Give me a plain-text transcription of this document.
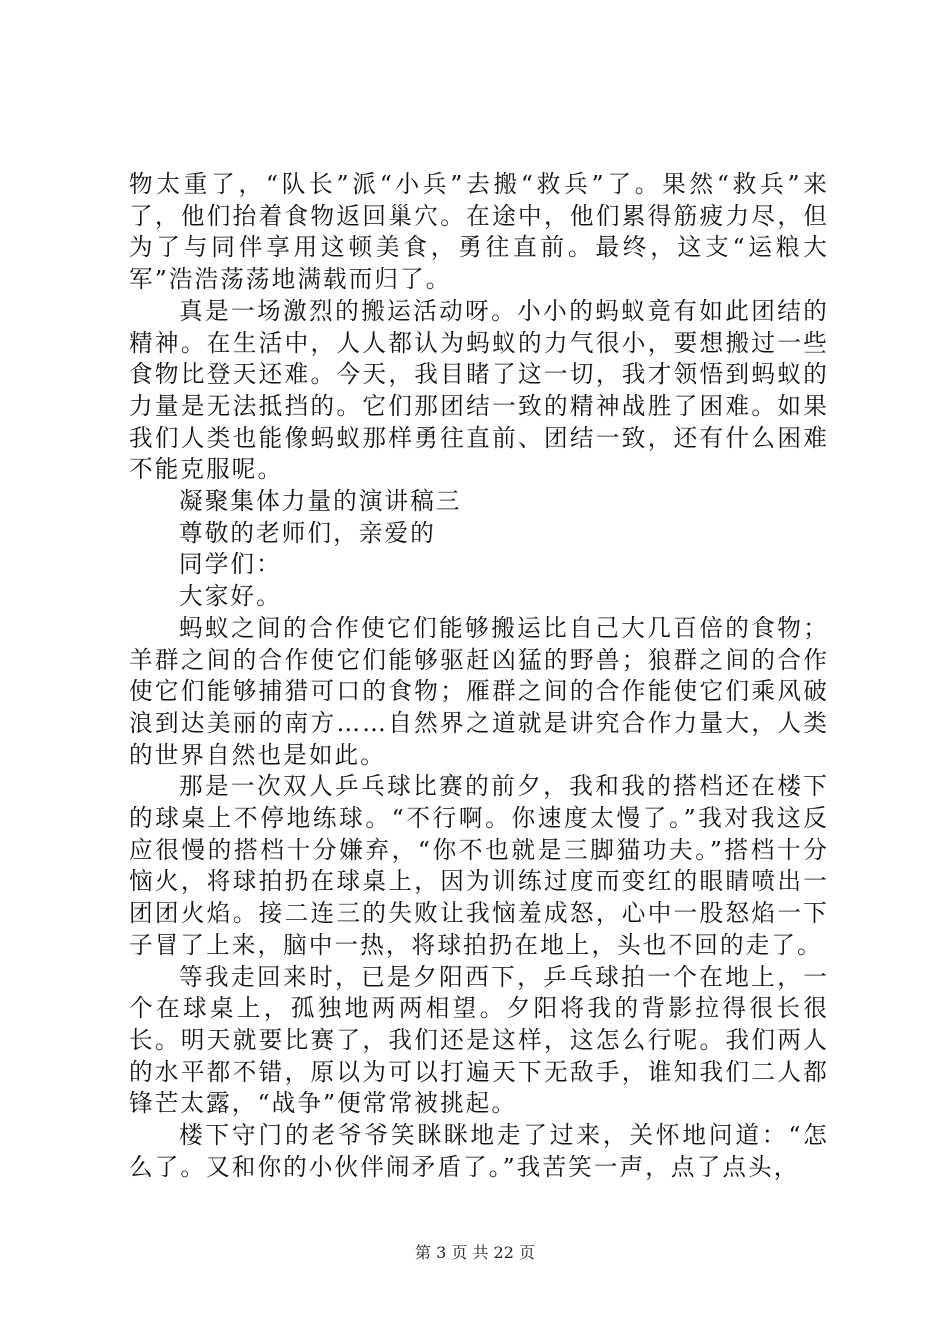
物太重了，“队长”派“小兵”去搬“救兵”了。果然“救兵”来了，他们抬着食物返回巢穴。在途中，他们累得筋疲力尽，但为了与同伴享用这顿美食，勇往直前。最终，这支“运粮大军”浩浩荡荡地满载而归了。

真是一场激烈的搬运活动呀。小小的蚂蚁竟有如此团结的精神。在生活中，人人都认为蚂蚁的力气很小，要想搬过一些食物比登天还难。今天，我目睹了这一切，我才领悟到蚂蚁的力量是无法抵挡的。它们那团结一致的精神战胜了困难。如果我们人类也能像蚂蚁那样勇往直前、团结一致，还有什么困难不能克服呢。

凝聚集体力量的演讲稿三

尊敬的老师们，亲爱的

同学们：

大家好。

蚂蚁之间的合作使它们能够搬运比自己大几百倍的食物；羊群之间的合作使它们能够驱赶凶猛的野兽；狼群之间的合作使它们能够捕猎可口的食物；雁群之间的合作能使它们乘风破浪到达美丽的南方……自然界之道就是讲究合作力量大，人类的世界自然也是如此。

那是一次双人乒乓球比赛的前夕，我和我的搭档还在楼下的球桌上不停地练球。“不行啊。你速度太慢了。”我对我这反应很慢的搭档十分嫌弃，“你不也就是三脚猫功夫。”搭档十分恼火，将球拍扔在球桌上，因为训练过度而变红的眼睛喷出一团团火焰。接二连三的失败让我恼羞成怒，心中一股怒焰一下子冒了上来，脑中一热，将球拍扔在地上，头也不回的走了。

等我走回来时，已是夕阳西下，乒乓球拍一个在地上，一个在球桌上，孤独地两两相望。夕阳将我的背影拉得很长很长。明天就要比赛了，我们还是这样，这怎么行呢。我们两人的水平都不错，原以为可以打遍天下无敌手，谁知我们二人都锋芒太露，“战争”便常常被挑起。

楼下守门的老爷爷笑眯眯地走了过来，关怀地问道：“怎么了。又和你的小伙伴闹矛盾了。”我苦笑一声，点了点头，

第 3 页 共 22 页
